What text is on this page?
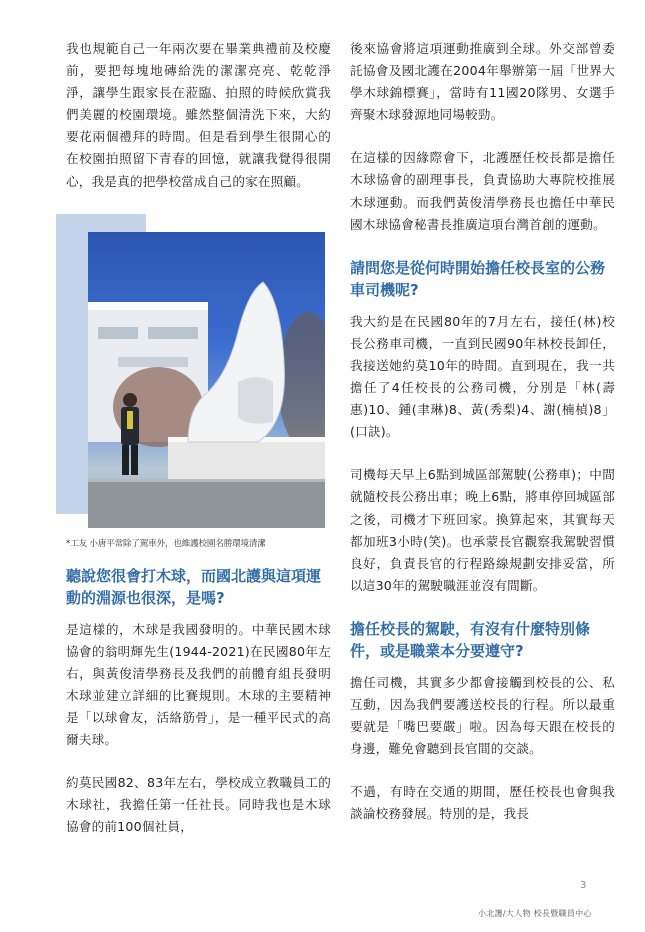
我也規範自己一年兩次要在畢業典禮前及校慶前，要把每塊地磚給洗的潔潔亮亮、乾乾淨淨，讓學生跟家長在蒞臨、拍照的時候欣賞我們美麗的校園環境。雖然整個清洗下來，大約要花兩個禮拜的時間。但是看到學生很開心的在校園拍照留下青春的回憶，就讓我覺得很開心，我是真的把學校當成自己的家在照顧。

*工友 小唐平常除了駕車外，也維護校園名勝環境清潔

聽說您很會打木球，而國北護與這項運動的淵源也很深，是嗎?

是這樣的，木球是我國發明的。中華民國木球協會的翁明輝先生(1944-2021)在民國80年左右，與黃俊清學務長及我們的前體育組長發明木球並建立詳細的比賽規則。木球的主要精神是「以球會友，活絡筋骨」，是一種平民式的高爾夫球。

約莫民國82、83年左右，學校成立教職員工的木球社，我擔任第一任社長。同時我也是木球協會的前100個社員，

後來協會將這項運動推廣到全球。外交部曾委託協會及國北護在2004年舉辦第一屆「世界大學木球錦標賽」，當時有11國20隊男、女選手齊聚木球發源地同場較勁。

在這樣的因緣際會下，北護歷任校長都是擔任木球協會的副理事長，負責協助大專院校推展木球運動。而我們黃俊清學務長也擔任中華民國木球協會秘書長推廣這項台灣首創的運動。

請問您是從何時開始擔任校長室的公務車司機呢?

我大約是在民國80年的7月左右，接任(林)校長公務車司機，一直到民國90年林校長卸任，我接送她約莫10年的時間。直到現在，我一共擔任了4任校長的公務司機，分別是「林(壽惠)10、鍾(聿琳)8、黃(秀梨)4、謝(楠楨)8」(口訣)。

司機每天早上6點到城區部駕駛(公務車)；中間就隨校長公務出車；晚上6點，將車停回城區部之後，司機才下班回家。換算起來，其實每天都加班3小時(笑)。也承蒙長官觀察我駕駛習慣良好，負責長官的行程路線規劃安排妥當，所以這30年的駕駛職涯並沒有間斷。

擔任校長的駕駛，有沒有什麼特別條件，或是職業本分要遵守?

擔任司機，其實多少都會接觸到校長的公、私互動，因為我們要護送校長的行程。所以最重要就是「嘴巴要嚴」啦。因為每天跟在校長的身邊，難免會聽到長官間的交談。

不過，有時在交通的期間，歷任校長也會與我談論校務發展。特別的是，我長

3
小北護/大人物 校長暨職員中心
